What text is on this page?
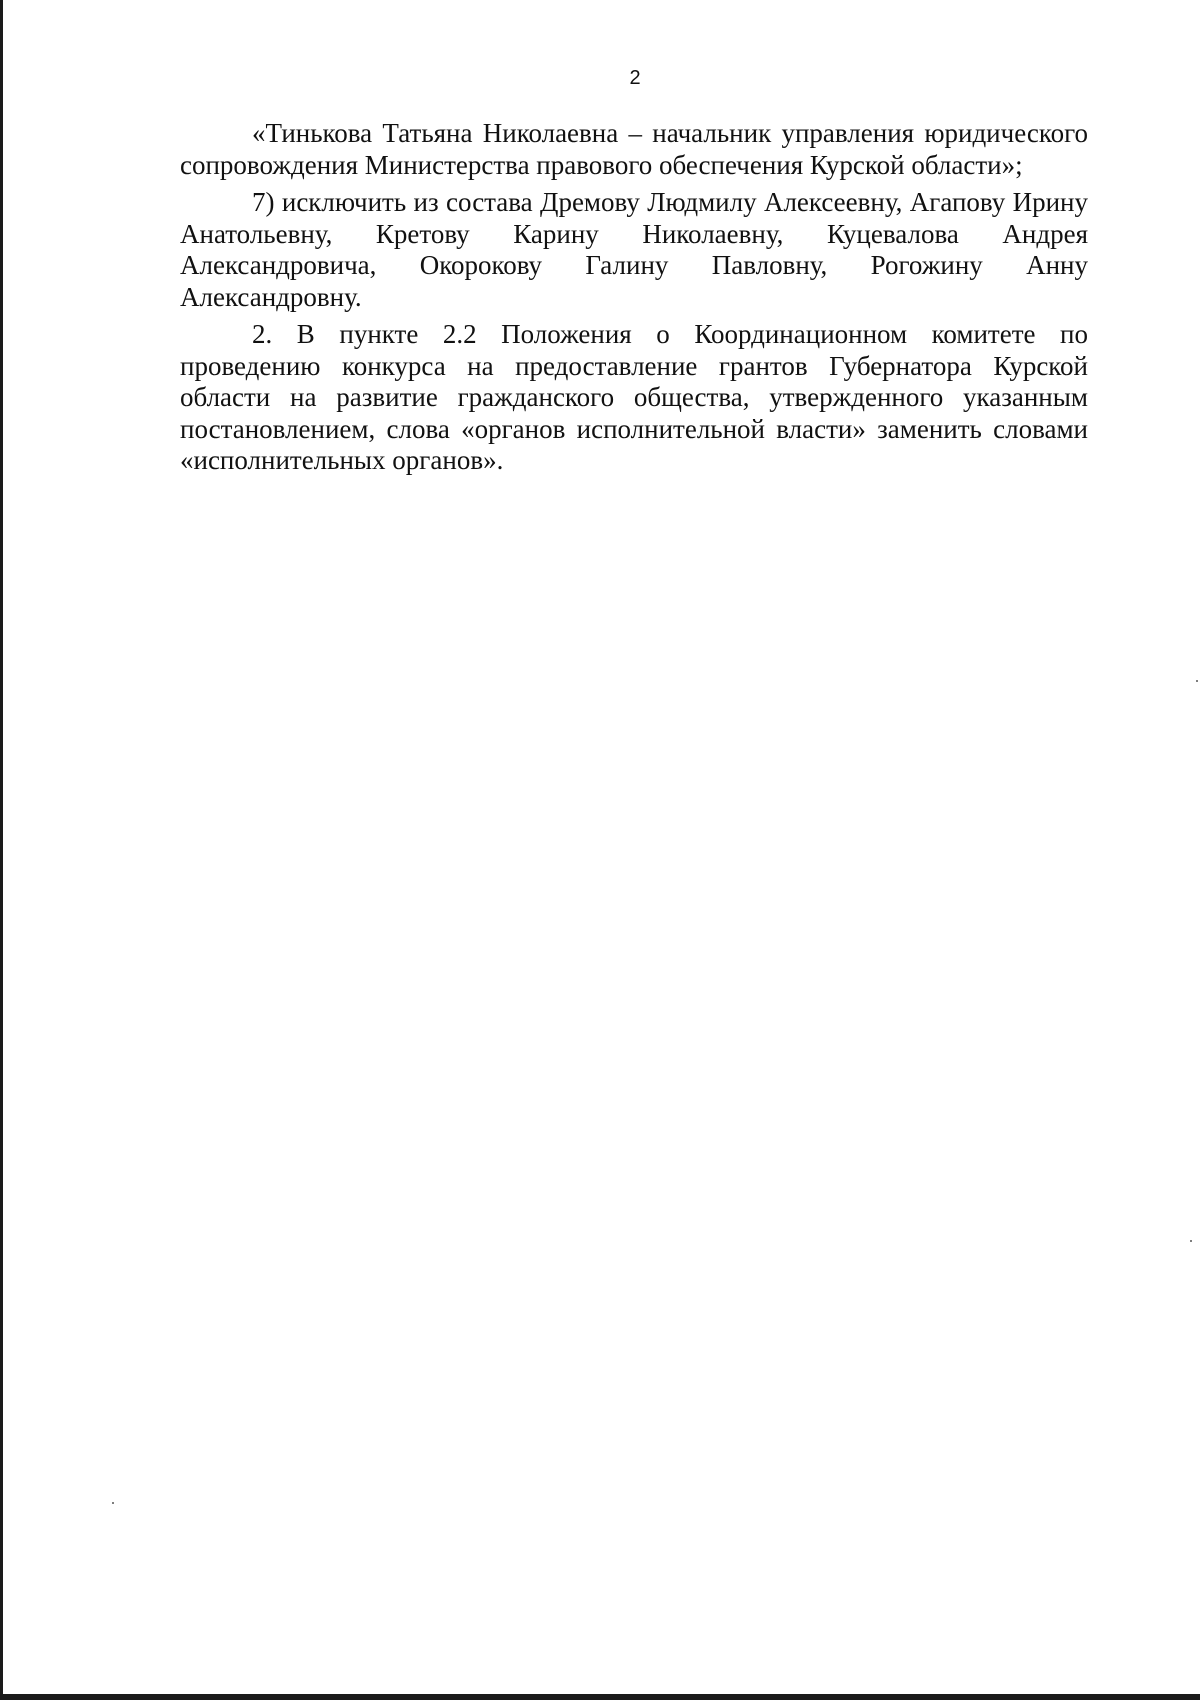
2

«Тинькова Татьяна Николаевна – начальник управления юридического сопровождения Министерства правового обеспечения Курской области»;

7) исключить из состава Дремову Людмилу Алексеевну, Агапову Ирину Анатольевну, Кретову Карину Николаевну, Куцевалова Андрея Александровича, Окорокову Галину Павловну, Рогожину Анну Александровну.

2. В пункте 2.2 Положения о Координационном комитете по проведению конкурса на предоставление грантов Губернатора Курской области на развитие гражданского общества, утвержденного указанным постановлением, слова «органов исполнительной власти» заменить словами «исполнительных органов».
